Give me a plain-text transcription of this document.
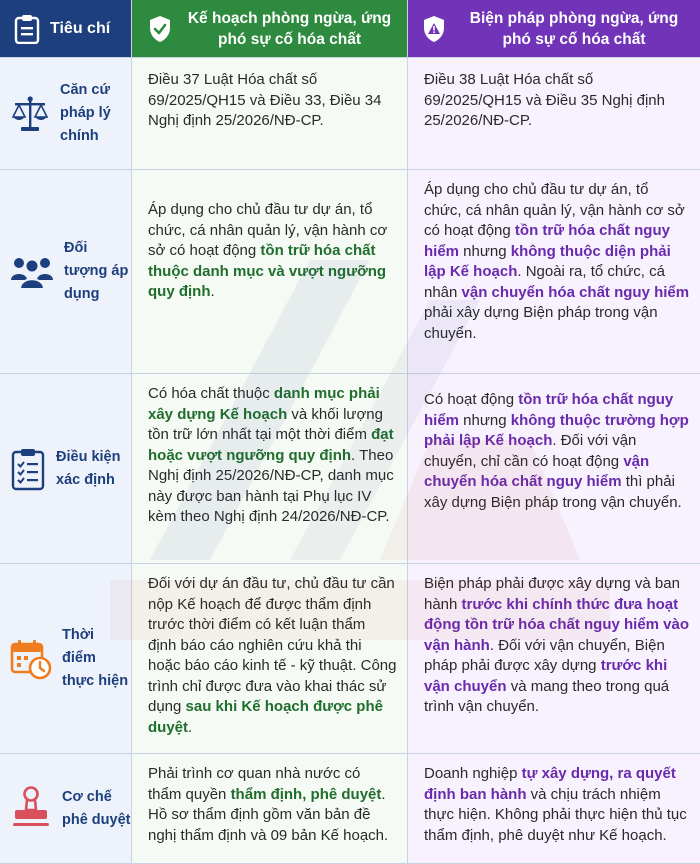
Tiêu chí
Kế hoạch phòng ngừa, ứng phó sự cố hóa chất
Biện pháp phòng ngừa, ứng phó sự cố hóa chất
Căn cứ pháp lý chính
Điều 37 Luật Hóa chất số 69/2025/QH15 và Điều 33, Điều 34 Nghị định 25/2026/NĐ-CP.
Điều 38 Luật Hóa chất số 69/2025/QH15 và Điều 35 Nghị định 25/2026/NĐ-CP.
Đối tượng áp dụng
Áp dụng cho chủ đầu tư dự án, tổ chức, cá nhân quản lý, vận hành cơ sở có hoạt động tồn trữ hóa chất thuộc danh mục và vượt ngưỡng quy định.
Áp dụng cho chủ đầu tư dự án, tổ chức, cá nhân quản lý, vận hành cơ sở có hoạt động tồn trữ hóa chất nguy hiểm nhưng không thuộc diện phải lập Kế hoạch. Ngoài ra, tổ chức, cá nhân vận chuyển hóa chất nguy hiểm phải xây dựng Biện pháp trong vận chuyển.
Điều kiện xác định
Có hóa chất thuộc danh mục phải xây dựng Kế hoạch và khối lượng tồn trữ lớn nhất tại một thời điểm đạt hoặc vượt ngưỡng quy định. Theo Nghị định 25/2026/NĐ-CP, danh mục này được ban hành tại Phụ lục IV kèm theo Nghị định 24/2026/NĐ-CP.
Có hoạt động tồn trữ hóa chất nguy hiểm nhưng không thuộc trường hợp phải lập Kế hoạch. Đối với vận chuyển, chỉ cần có hoạt động vận chuyển hóa chất nguy hiểm thì phải xây dựng Biện pháp trong vận chuyển.
Thời điểm thực hiện
Đối với dự án đầu tư, chủ đầu tư cần nộp Kế hoạch để được thẩm định trước thời điểm có kết luận thẩm định báo cáo nghiên cứu khả thi hoặc báo cáo kinh tế - kỹ thuật. Công trình chỉ được đưa vào khai thác sử dụng sau khi Kế hoạch được phê duyệt.
Biện pháp phải được xây dựng và ban hành trước khi chính thức đưa hoạt động tồn trữ hóa chất nguy hiểm vào vận hành. Đối với vận chuyển, Biện pháp phải được xây dựng trước khi vận chuyển và mang theo trong quá trình vận chuyển.
Cơ chế phê duyệt
Phải trình cơ quan nhà nước có thẩm quyền thẩm định, phê duyệt. Hồ sơ thẩm định gồm văn bản đề nghị thẩm định và 09 bản Kế hoạch.
Doanh nghiệp tự xây dựng, ra quyết định ban hành và chịu trách nhiệm thực hiện. Không phải thực hiện thủ tục thẩm định, phê duyệt như Kế hoạch.
